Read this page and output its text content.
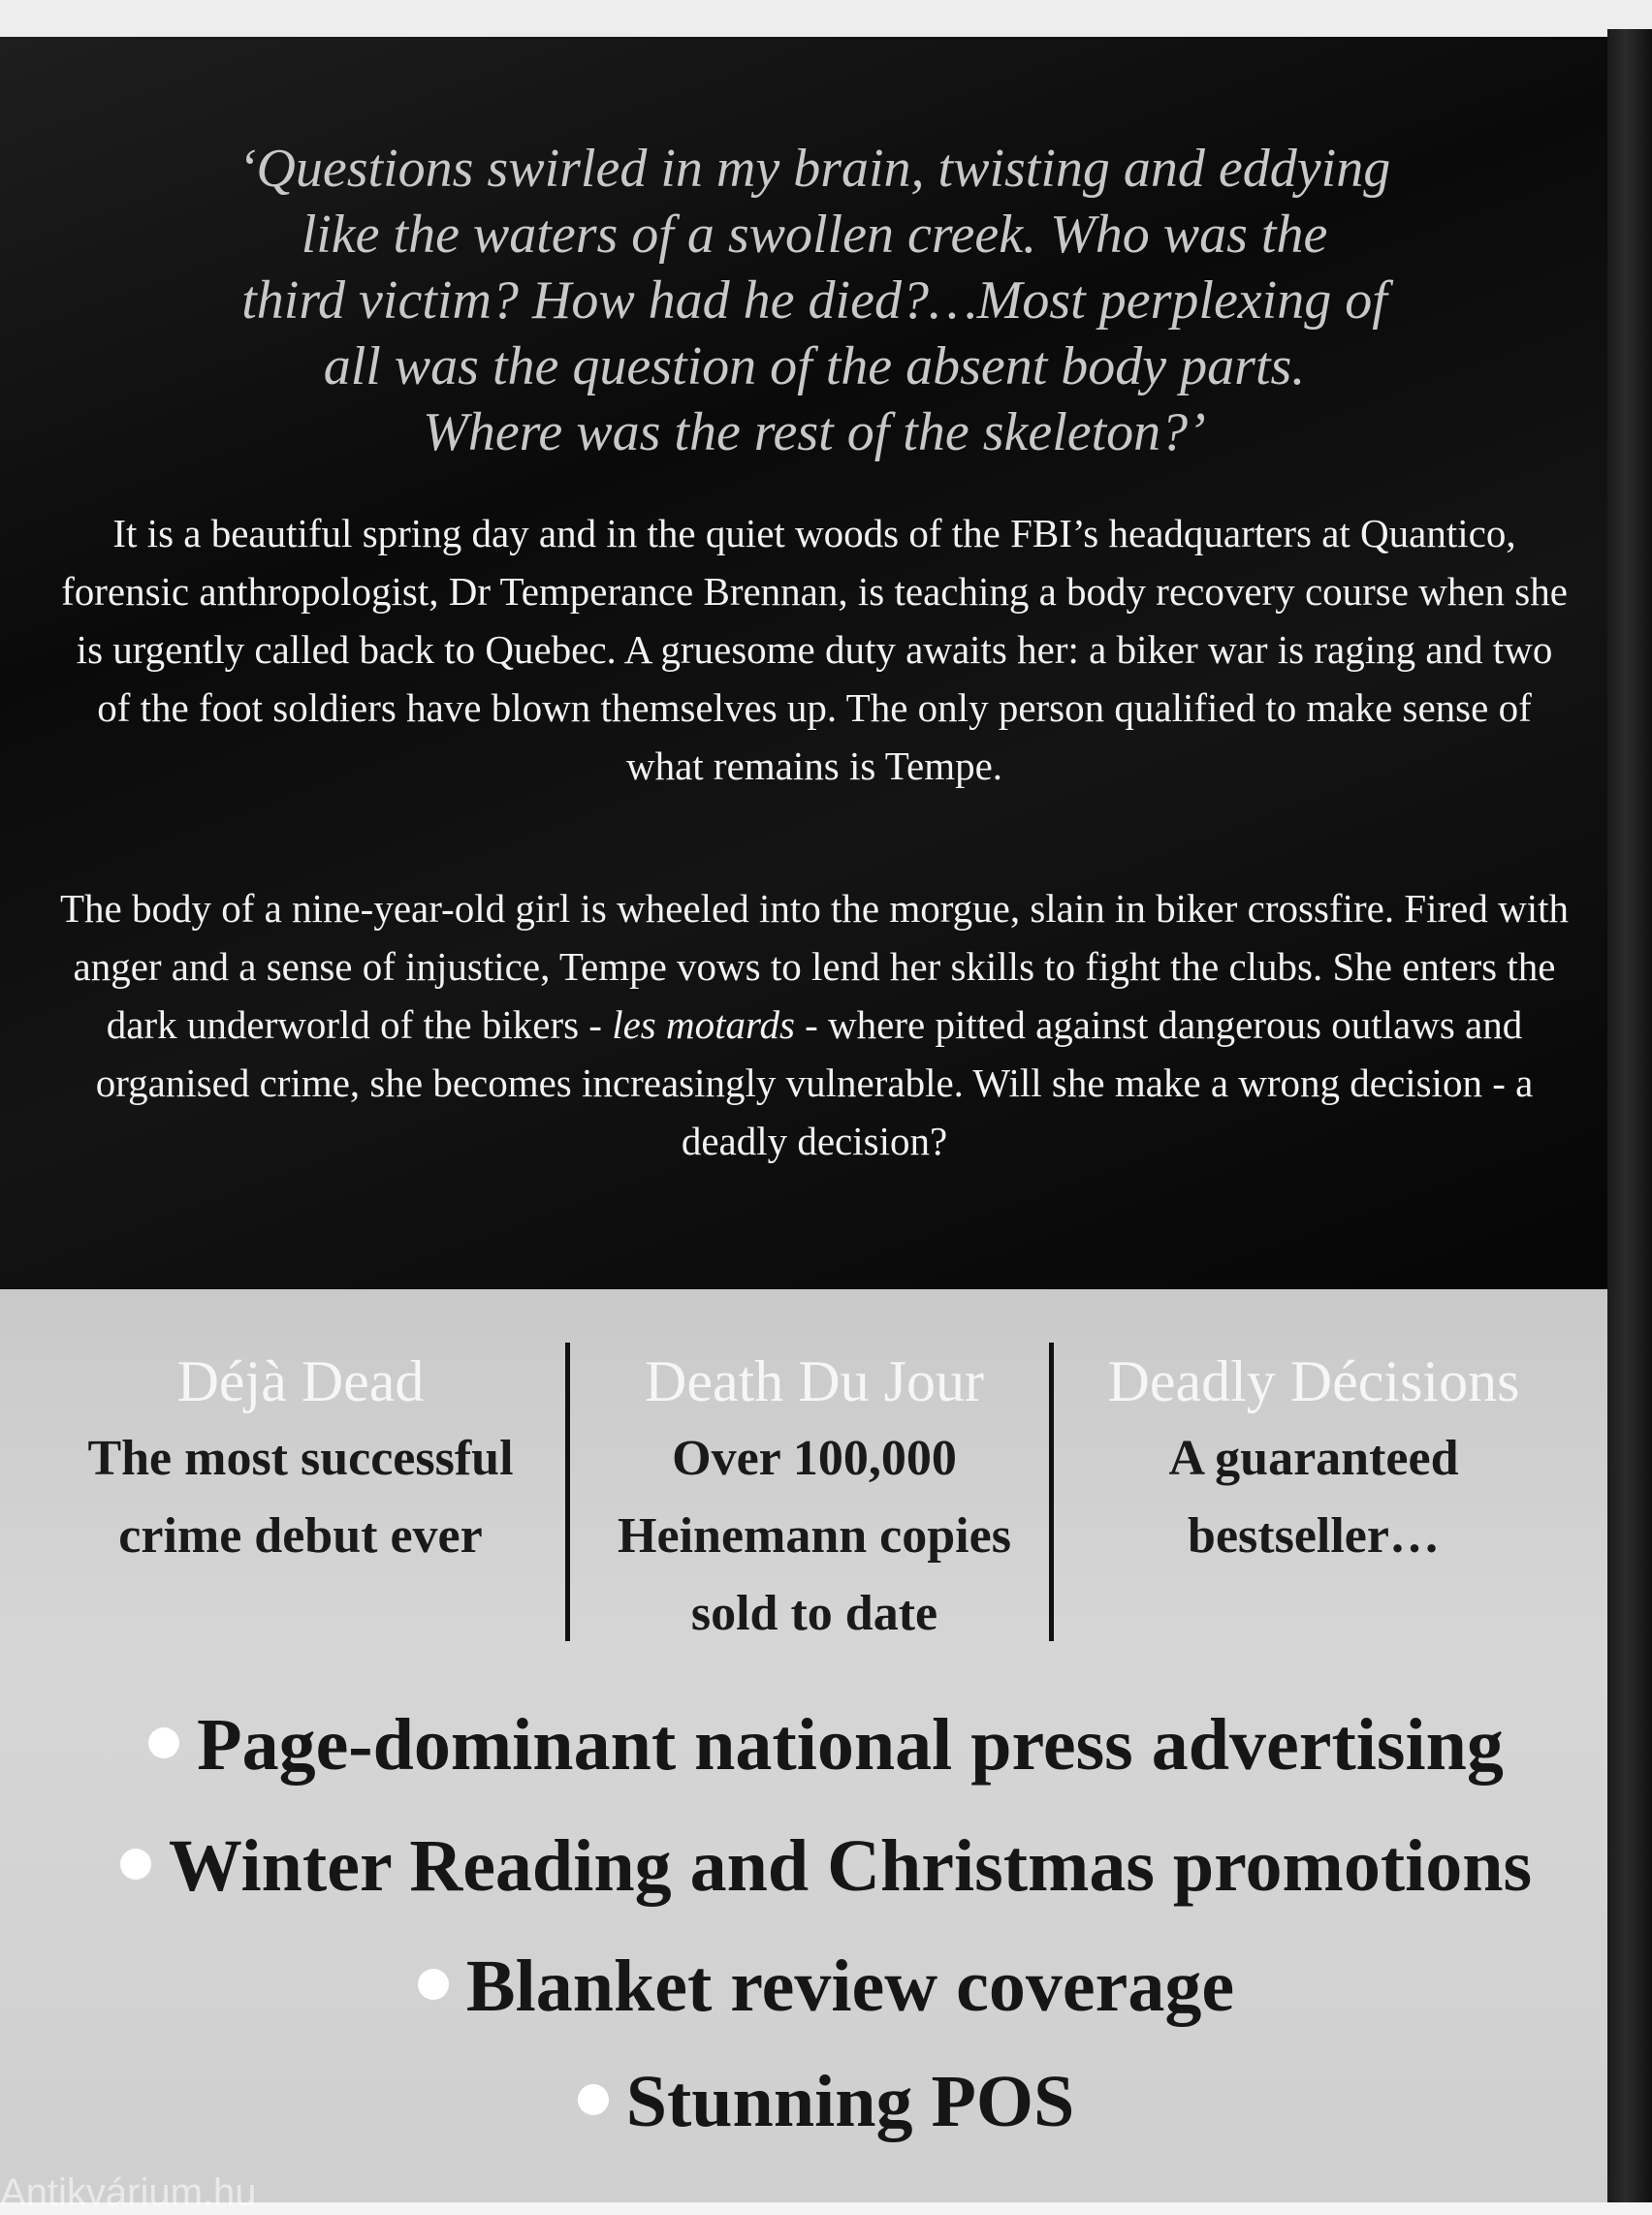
‘Questions swirled in my brain, twisting and eddying
like the waters of a swollen creek. Who was the
third victim? How had he died?…Most perplexing of
all was the question of the absent body parts.
Where was the rest of the skeleton?’

It is a beautiful spring day and in the quiet woods of the FBI’s headquarters at Quantico, forensic anthropologist, Dr Temperance Brennan, is teaching a body recovery course when she is urgently called back to Quebec. A gruesome duty awaits her: a biker war is raging and two of the foot soldiers have blown themselves up. The only person qualified to make sense of what remains is Tempe.

The body of a nine-year-old girl is wheeled into the morgue, slain in biker crossfire. Fired with anger and a sense of injustice, Tempe vows to lend her skills to fight the clubs. She enters the dark underworld of the bikers - les motards - where pitted against dangerous outlaws and organised crime, she becomes increasingly vulnerable. Will she make a wrong decision - a deadly decision?

Déjà Dead
The most successful
crime debut ever
Death Du Jour
Over 100,000
Heinemann copies
sold to date
Deadly Décisions
A guaranteed
bestseller…
Page-dominant national press advertising
Winter Reading and Christmas promotions
Blanket review coverage
Stunning POS
Antikvárium.hu
